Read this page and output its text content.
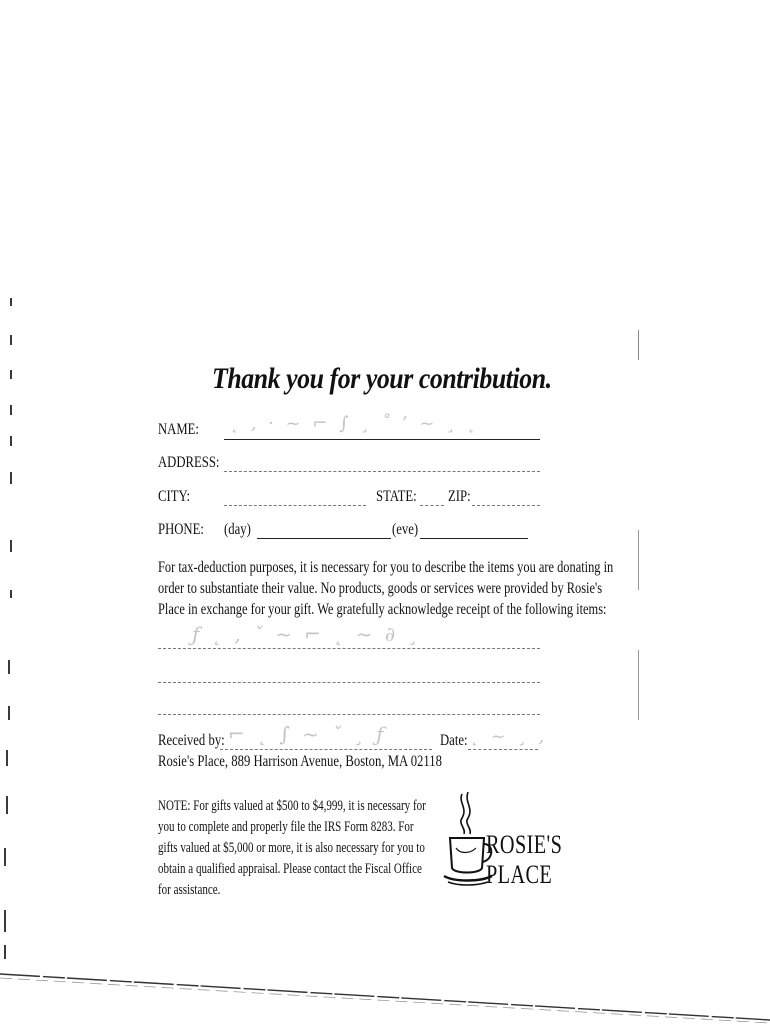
Thank you for your contribution.
NAME: ˛ ‚ · ~ ⌐ ∫ ¸ ˚ ’ ~ ¸ ˛
ADDRESS:
CITY:	STATE: ZIP:
PHONE: (day)	(eve)
For tax-deduction purposes, it is necessary for you to describe the items you are donating in
order to substantiate their value. No products, goods or services were provided by Rosie's
Place in exchange for your gift. We gratefully acknowledge receipt of the following items:
ƒ ˛ ‚ ˇ ~ ⌐ ˛ ~ ∂ ¸
Received by: ⌐ ˛ ∫ ~ ˇ ¸ ƒ	Date: ˛ ~ ¸ ‚
Rosie's Place, 889 Harrison Avenue, Boston, MA 02118
NOTE: For gifts valued at $500 to $4,999, it is necessary for
you to complete and properly file the IRS Form 8283. For
gifts valued at $5,000 or more, it is also necessary for you to
obtain a qualified appraisal. Please contact the Fiscal Office
for assistance.
ROSIE'S
PLACE
